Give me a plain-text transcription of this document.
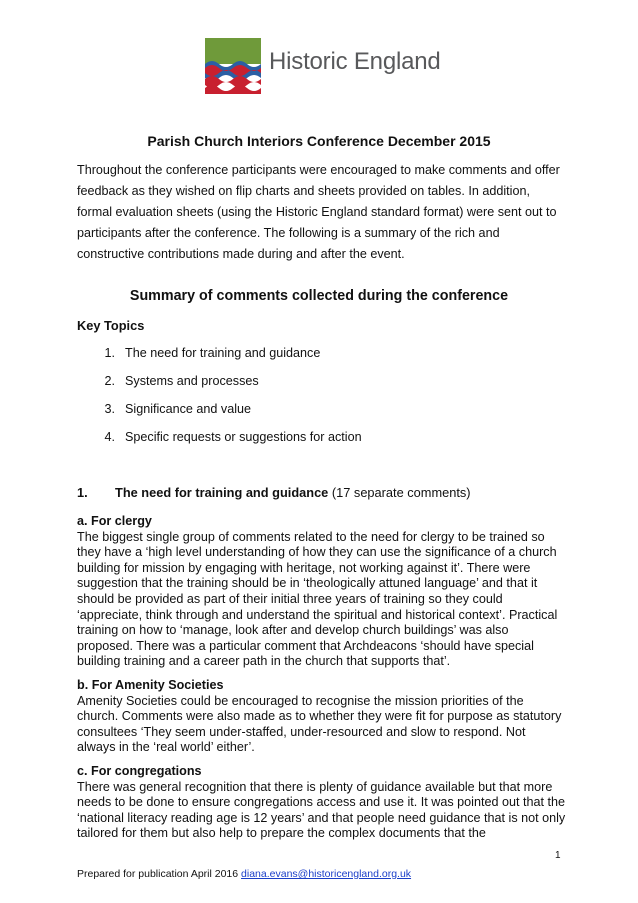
Historic England
Parish Church Interiors Conference December 2015

Throughout the conference participants were encouraged to make comments and offer feedback as they wished on flip charts and sheets provided on tables. In addition, formal evaluation sheets (using the Historic England standard format) were sent out to participants after the conference. The following is a summary of the rich and constructive contributions made during and after the event.

Summary of comments collected during the conference
Key Topics
1. The need for training and guidance
2. Systems and processes
3. Significance and value
4. Specific requests or suggestions for action
1. The need for training and guidance (17 separate comments)
a. For clergy

The biggest single group of comments related to the need for clergy to be trained so they have a ‘high level understanding of how they can use the significance of a church building for mission by engaging with heritage, not working against it’. There were suggestion that the training should be in ‘theologically attuned language’ and that it should be provided as part of their initial three years of training so they could ‘appreciate, think through and understand the spiritual and historical context’. Practical training on how to ‘manage, look after and develop church buildings’ was also proposed. There was a particular comment that Archdeacons ‘should have special building training and a career path in the church that supports that’.

b. For Amenity Societies

Amenity Societies could be encouraged to recognise the mission priorities of the church. Comments were also made as to whether they were fit for purpose as statutory consultees ‘They seem under-staffed, under-resourced and slow to respond. Not always in the ‘real world’ either’.

c. For congregations

There was general recognition that there is plenty of guidance available but that more needs to be done to ensure congregations access and use it. It was pointed out that the ‘national literacy reading age is 12 years’ and that people need guidance that is not only tailored for them but also help to prepare the complex documents that the

1
Prepared for publication April 2016 diana.evans@historicengland.org.uk
